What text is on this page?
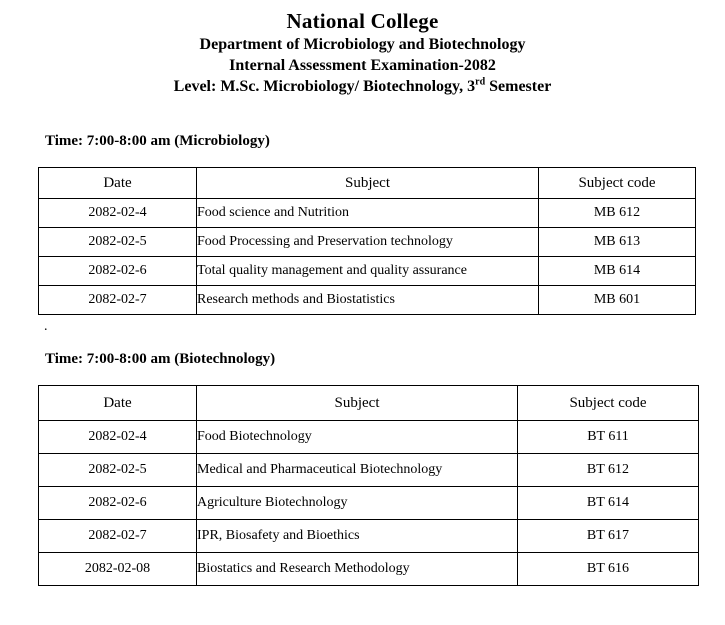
National College
Department of Microbiology and Biotechnology
Internal Assessment Examination-2082
Level: M.Sc. Microbiology/ Biotechnology, 3rd Semester
Time: 7:00-8:00 am (Microbiology)
Date	Subject	Subject code
2082-02-4	Food science and Nutrition	MB 612
2082-02-5	Food Processing and Preservation technology	MB 613
2082-02-6	Total quality management and quality assurance	MB 614
2082-02-7	Research methods and Biostatistics	MB 601
.
Time: 7:00-8:00 am (Biotechnology)
Date	Subject	Subject code
2082-02-4	Food Biotechnology	BT 611
2082-02-5	Medical and Pharmaceutical Biotechnology	BT 612
2082-02-6	Agriculture Biotechnology	BT 614
2082-02-7	IPR, Biosafety and Bioethics	BT 617
2082-02-08	Biostatics and Research Methodology	BT 616
